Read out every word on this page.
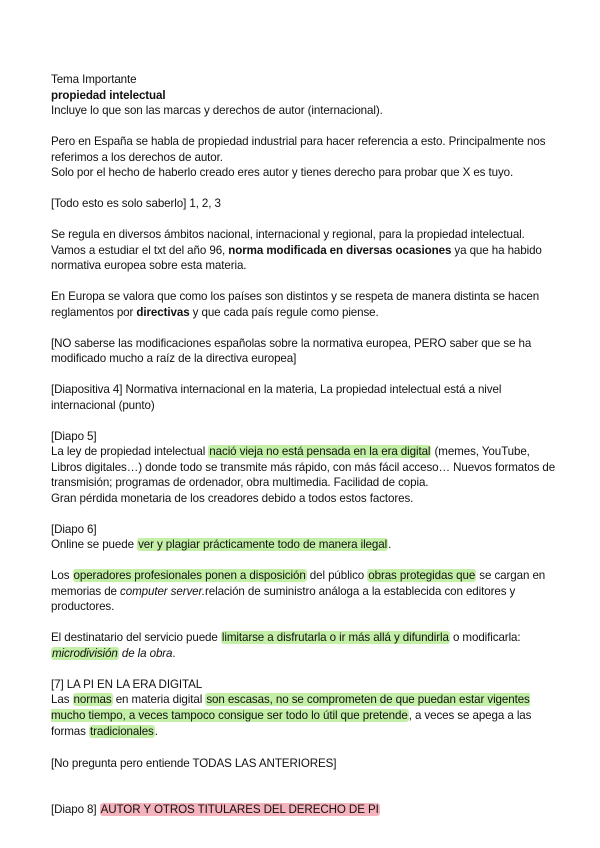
Tema Importante

propiedad intelectual

Incluye lo que son las marcas y derechos de autor (internacional).

Pero en España se habla de propiedad industrial para hacer referencia a esto. Principalmente nos referimos a los derechos de autor.

Solo por el hecho de haberlo creado eres autor y tienes derecho para probar que X es tuyo.

[Todo esto es solo saberlo] 1, 2, 3

Se regula en diversos ámbitos nacional, internacional y regional, para la propiedad intelectual. Vamos a estudiar el txt del año 96, norma modificada en diversas ocasiones ya que ha habido normativa europea sobre esta materia.

En Europa se valora que como los países son distintos y se respeta de manera distinta se hacen reglamentos por directivas y que cada país regule como piense.

[NO saberse las modificaciones españolas sobre la normativa europea, PERO saber que se ha modificado mucho a raíz de la directiva europea]

[Diapositiva 4] Normativa internacional en la materia, La propiedad intelectual está a nivel internacional (punto)

[Diapo 5]

La ley de propiedad intelectual nació vieja no está pensada en la era digital (memes, YouTube, Libros digitales…) donde todo se transmite más rápido, con más fácil acceso… Nuevos formatos de transmisión; programas de ordenador, obra multimedia. Facilidad de copia.

Gran pérdida monetaria de los creadores debido a todos estos factores.

[Diapo 6]

Online se puede ver y plagiar prácticamente todo de manera ilegal.

Los operadores profesionales ponen a disposición del público obras protegidas que se cargan en memorias de computer server.relación de suministro análoga a la establecida con editores y productores.

El destinatario del servicio puede limitarse a disfrutarla o ir más allá y difundirla o modificarla: microdivisión de la obra.

[7] LA PI EN LA ERA DIGITAL

Las normas en materia digital son escasas, no se comprometen de que puedan estar vigentes mucho tiempo, a veces tampoco consigue ser todo lo útil que pretende, a veces se apega a las formas tradicionales.

[No pregunta pero entiende TODAS LAS ANTERIORES]

[Diapo 8] AUTOR Y OTROS TITULARES DEL DERECHO DE PI
